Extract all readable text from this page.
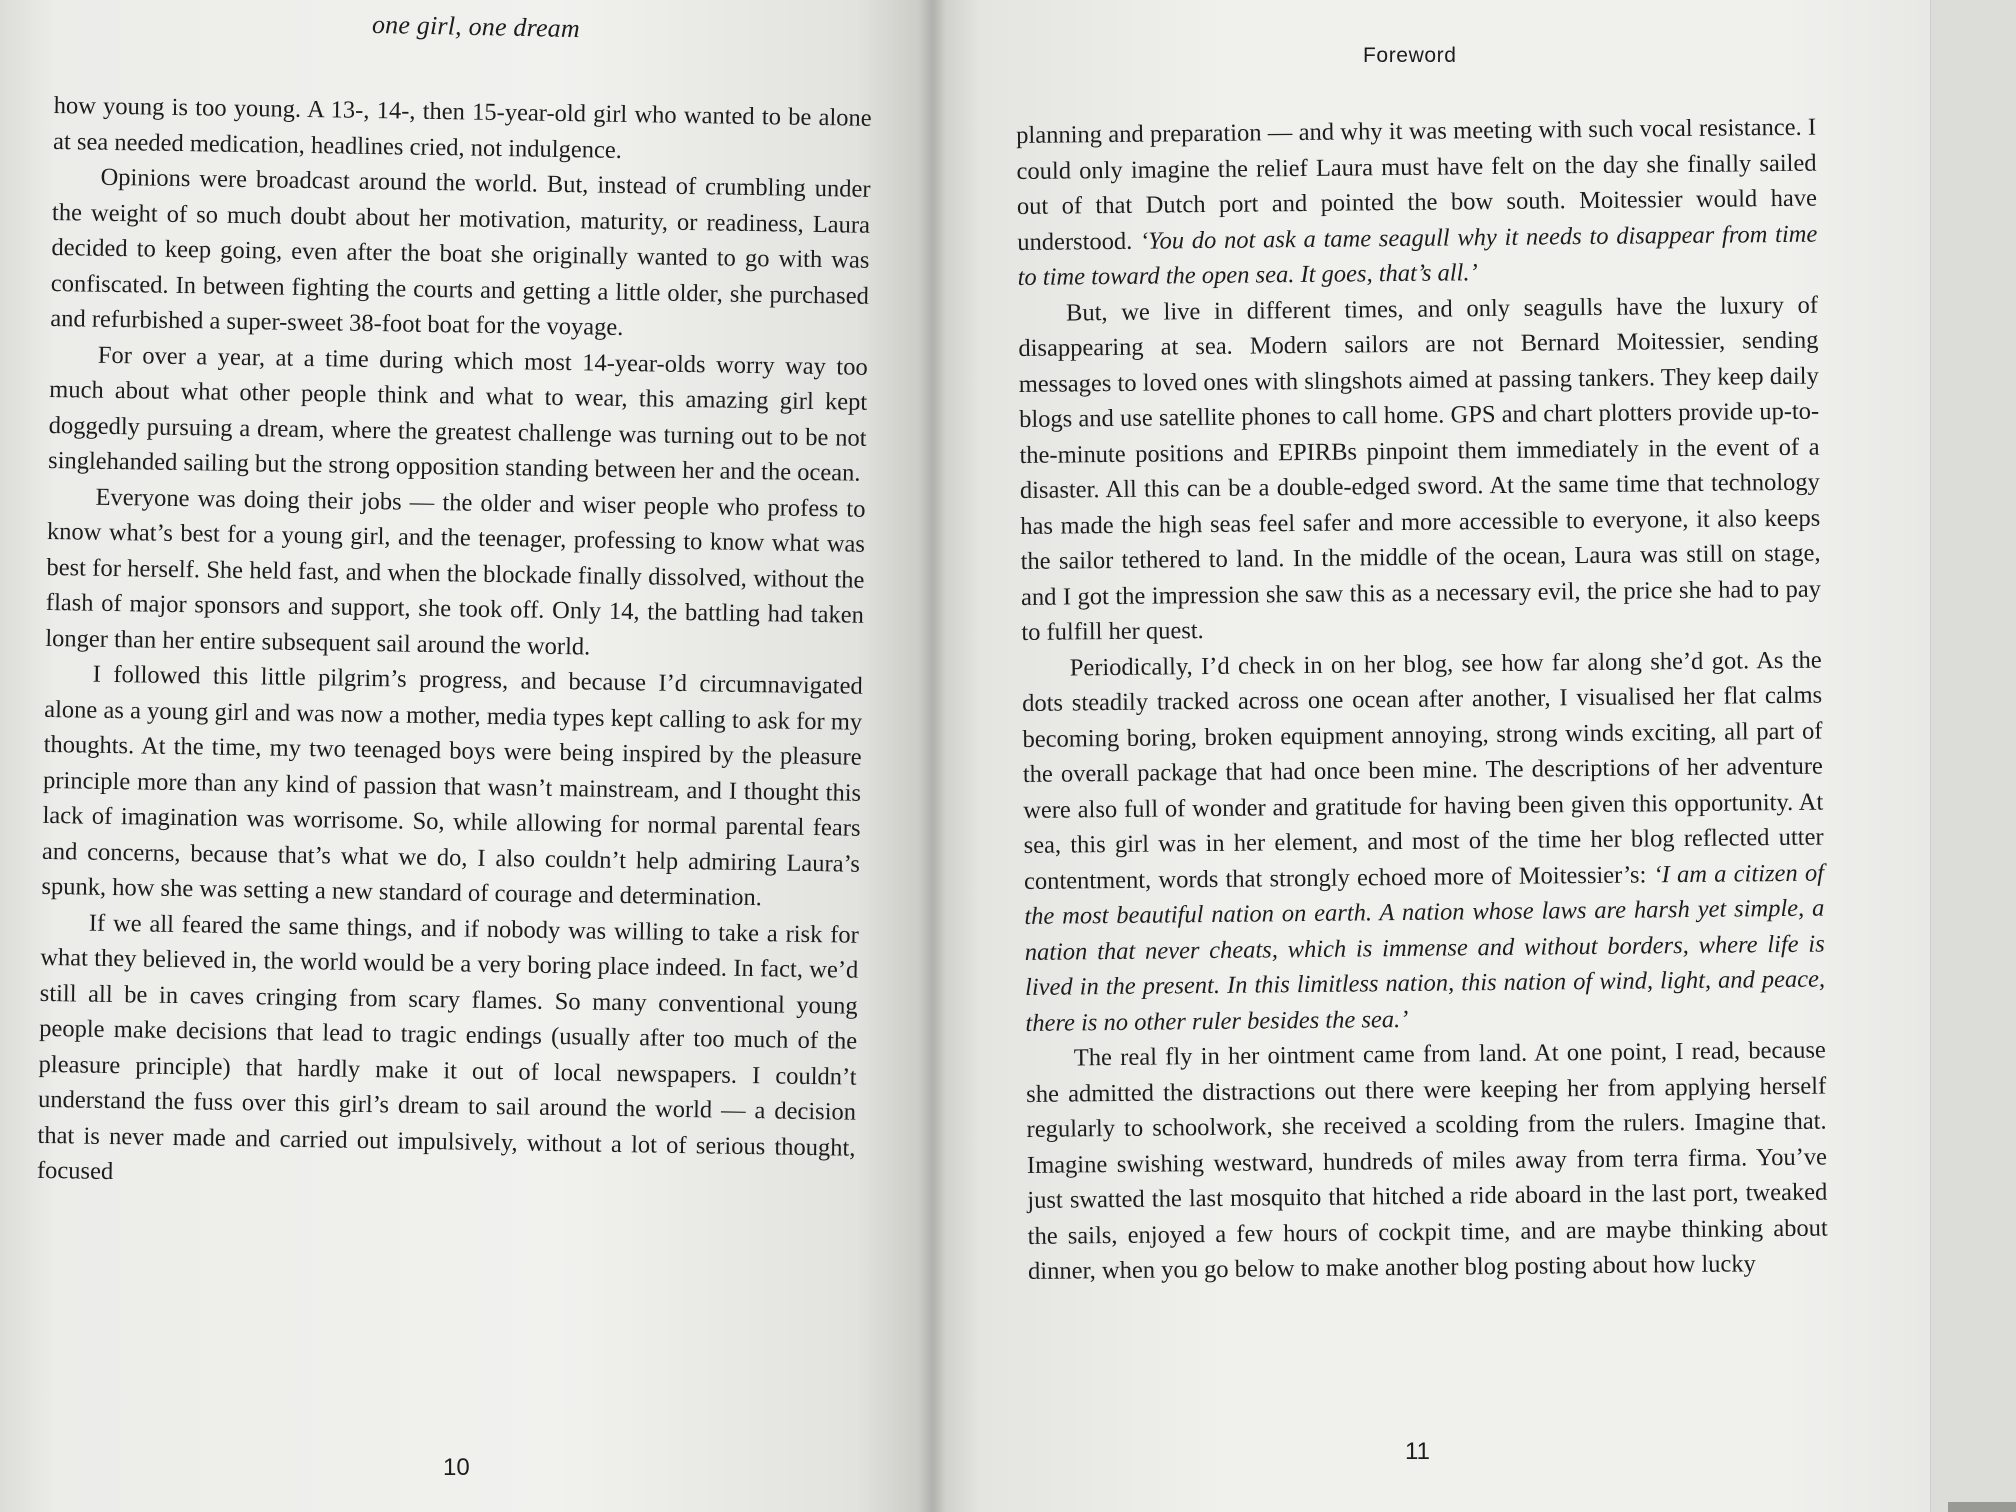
one girl, one dream

how young is too young. A 13-, 14-, then 15-year-old girl who wanted to be alone at sea needed medication, headlines cried, not indulgence.

Opinions were broadcast around the world. But, instead of crumbling under the weight of so much doubt about her motivation, maturity, or readiness, Laura decided to keep going, even after the boat she originally wanted to go with was confiscated. In between fighting the courts and getting a little older, she purchased and refurbished a super-sweet 38-foot boat for the voyage.

For over a year, at a time during which most 14-year-olds worry way too much about what other people think and what to wear, this amazing girl kept doggedly pursuing a dream, where the greatest challenge was turning out to be not singlehanded sailing but the strong opposition standing between her and the ocean.

Everyone was doing their jobs — the older and wiser people who profess to know what’s best for a young girl, and the teenager, professing to know what was best for herself. She held fast, and when the blockade finally dissolved, without the flash of major sponsors and support, she took off. Only 14, the battling had taken longer than her entire subsequent sail around the world.

I followed this little pilgrim’s progress, and because I’d circumnavigated alone as a young girl and was now a mother, media types kept calling to ask for my thoughts. At the time, my two teenaged boys were being inspired by the pleasure principle more than any kind of passion that wasn’t mainstream, and I thought this lack of imagination was worrisome. So, while allowing for normal parental fears and concerns, because that’s what we do, I also couldn’t help admiring Laura’s spunk, how she was setting a new standard of courage and determination.

If we all feared the same things, and if nobody was willing to take a risk for what they believed in, the world would be a very boring place indeed. In fact, we’d still all be in caves cringing from scary flames. So many conventional young people make decisions that lead to tragic endings (usually after too much of the pleasure principle) that hardly make it out of local newspapers. I couldn’t understand the fuss over this girl’s dream to sail around the world — a decision that is never made and carried out impulsively, without a lot of serious thought, focused

10
Foreword

planning and preparation — and why it was meeting with such vocal resistance. I could only imagine the relief Laura must have felt on the day she finally sailed out of that Dutch port and pointed the bow south. Moitessier would have understood. ‘You do not ask a tame seagull why it needs to disappear from time to time toward the open sea. It goes, that’s all.’

But, we live in different times, and only seagulls have the luxury of disappearing at sea. Modern sailors are not Bernard Moitessier, sending messages to loved ones with slingshots aimed at passing tankers. They keep daily blogs and use satellite phones to call home. GPS and chart plotters provide up-to-the-minute positions and EPIRBs pinpoint them immediately in the event of a disaster. All this can be a double-edged sword. At the same time that technology has made the high seas feel safer and more accessible to everyone, it also keeps the sailor tethered to land. In the middle of the ocean, Laura was still on stage, and I got the impression she saw this as a necessary evil, the price she had to pay to fulfill her quest.

Periodically, I’d check in on her blog, see how far along she’d got. As the dots steadily tracked across one ocean after another, I visualised her flat calms becoming boring, broken equipment annoying, strong winds exciting, all part of the overall package that had once been mine. The descriptions of her adventure were also full of wonder and gratitude for having been given this opportunity. At sea, this girl was in her element, and most of the time her blog reflected utter contentment, words that strongly echoed more of Moitessier’s: ‘I am a citizen of the most beautiful nation on earth. A nation whose laws are harsh yet simple, a nation that never cheats, which is immense and without borders, where life is lived in the present. In this limitless nation, this nation of wind, light, and peace, there is no other ruler besides the sea.’

The real fly in her ointment came from land. At one point, I read, because she admitted the distractions out there were keeping her from applying herself regularly to schoolwork, she received a scolding from the rulers. Imagine that. Imagine swishing westward, hundreds of miles away from terra firma. You’ve just swatted the last mosquito that hitched a ride aboard in the last port, tweaked the sails, enjoyed a few hours of cockpit time, and are maybe thinking about dinner, when you go below to make another blog posting about how lucky

11
